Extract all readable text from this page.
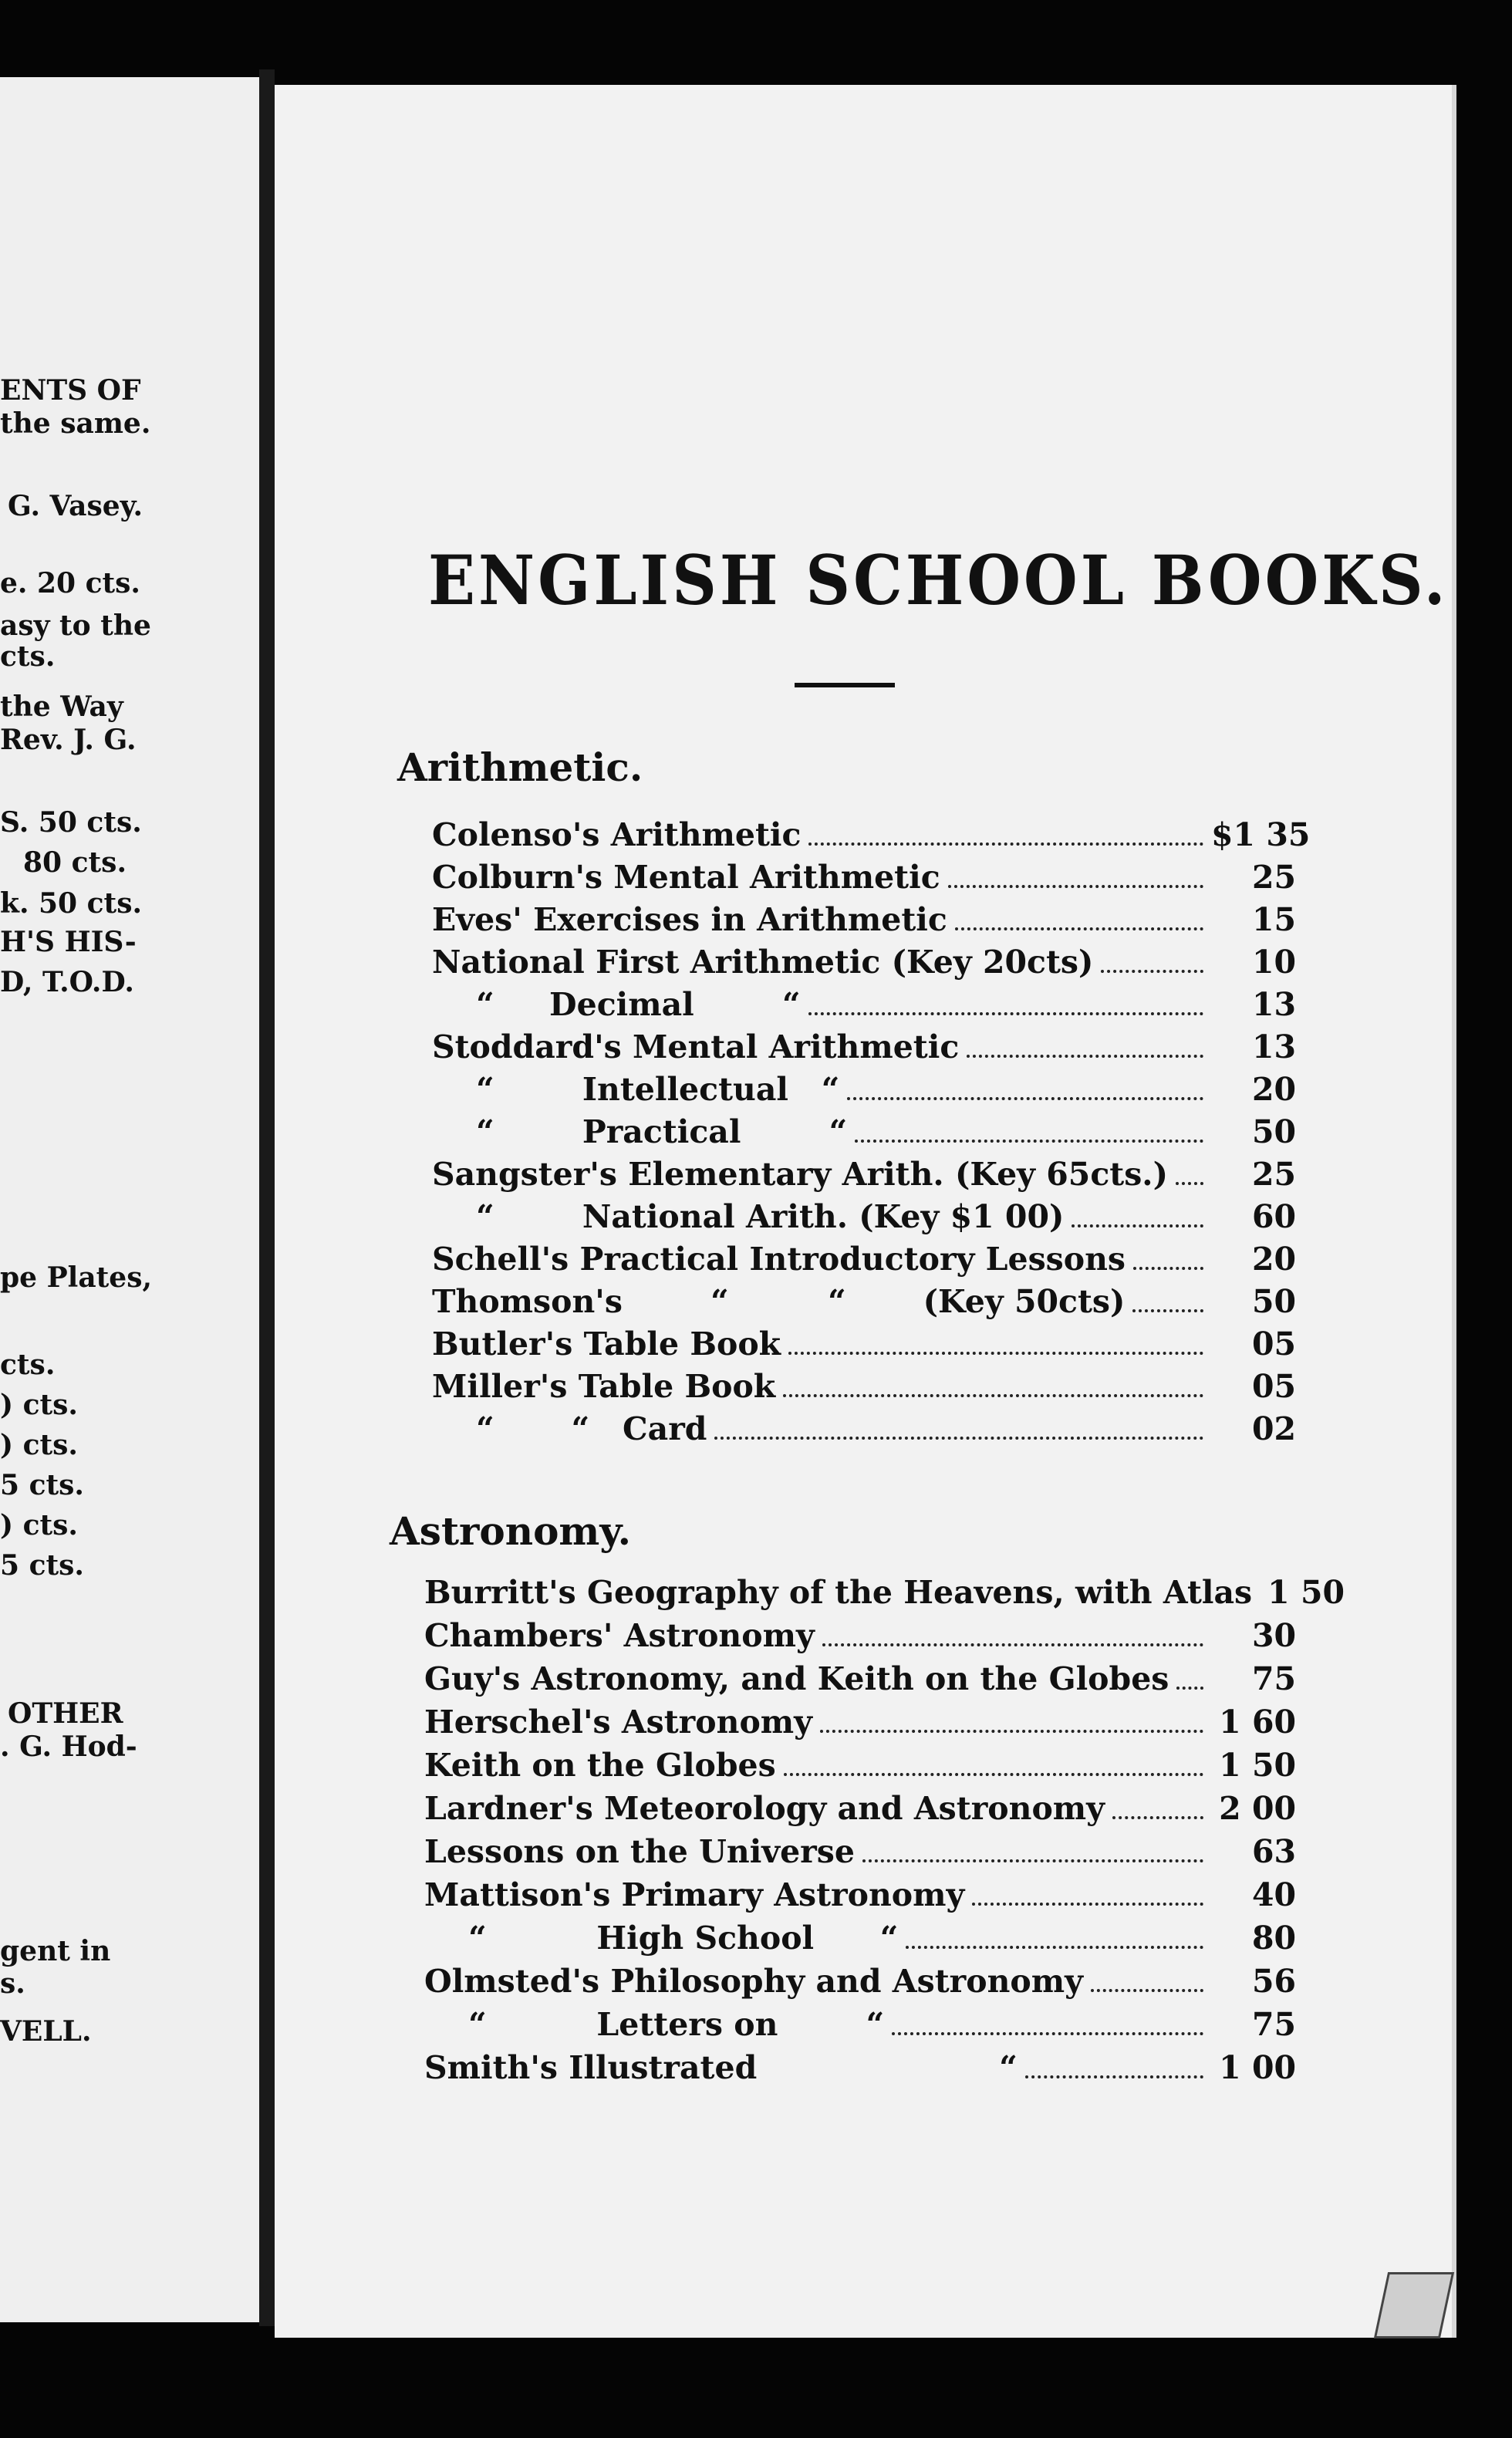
ENTS OF
the same.
G. Vasey.
e. 20 cts.
asy to the
cts.
the Way
Rev. J. G.
S. 50 cts.
80 cts.
k. 50 cts.
H'S HIS-
D, T.O.D.
pe Plates,
cts.
) cts.
) cts.
5 cts.
) cts.
5 cts.
OTHER
. G. Hod-
gent in
s.
VELL.
ENGLISH SCHOOL BOOKS.
Arithmetic.
Astronomy.
Colenso's Arithmetic	$1 35
Colburn's Mental Arithmetic	25
Eves' Exercises in Arithmetic	15
National First Arithmetic (Key 20cts)	10
“     Decimal        “	13
Stoddard's Mental Arithmetic	13
“        Intellectual   “	20
“        Practical        “	50
Sangster's Elementary Arith. (Key 65cts.)	25
“        National Arith. (Key $1 00)	60
Schell's Practical Introductory Lessons	20
Thomson's        “         “       (Key 50cts)	50
Butler's Table Book	05
Miller's Table Book	05
“       “   Card	02
Burritt's Geography of the Heavens, with Atlas 1 50
Chambers' Astronomy	30
Guy's Astronomy, and Keith on the Globes	75
Herschel's Astronomy	1 60
Keith on the Globes	1 50
Lardner's Meteorology and Astronomy	2 00
Lessons on the Universe	63
Mattison's Primary Astronomy	40
“          High School      “	80
Olmsted's Philosophy and Astronomy	56
“          Letters on        “	75
Smith's Illustrated                      “	1 00
